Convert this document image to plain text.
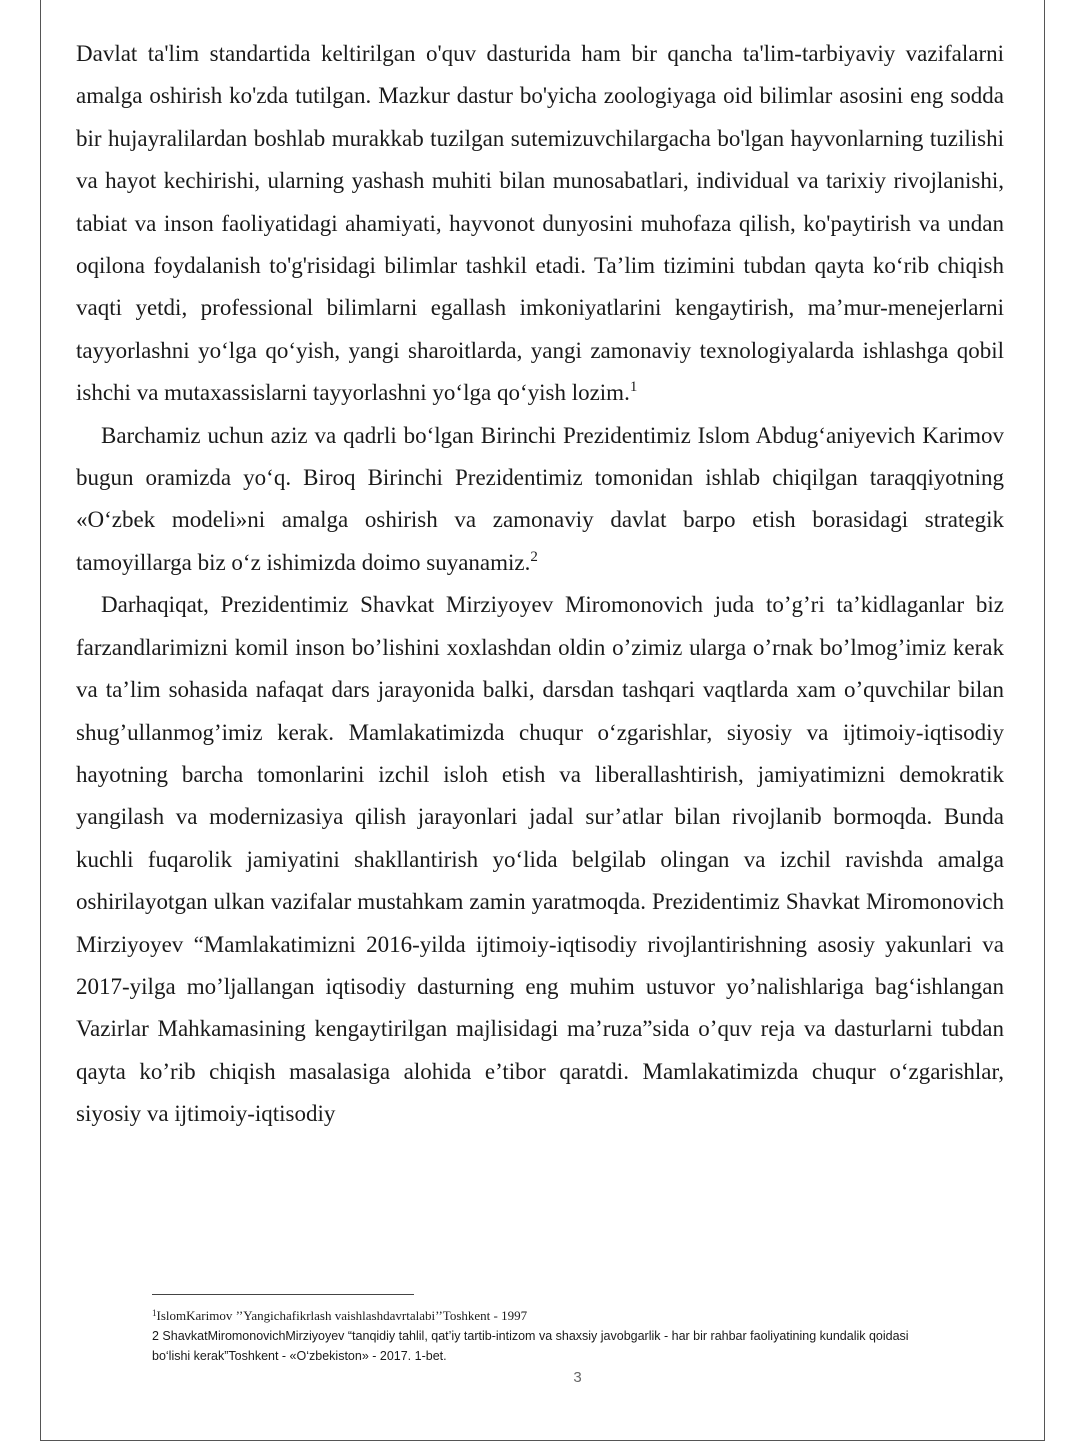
Davlat ta'lim standartida keltirilgan o'quv dasturida ham bir qancha ta'lim-tarbiyaviy vazifalarni amalga oshirish ko'zda tutilgan. Mazkur dastur bo'yicha zoologiyaga oid bilimlar asosini eng sodda bir hujayralilardan boshlab murakkab tuzilgan sutemizuvchilargacha bo'lgan hayvonlarning tuzilishi va hayot kechirishi, ularning yashash muhiti bilan munosabatlari, individual va tarixiy rivojlanishi, tabiat va inson faoliyatidagi ahamiyati, hayvonot dunyosini muhofaza qilish, ko'paytirish va undan oqilona foydalanish to'g'risidagi bilimlar tashkil etadi. Ta’lim tizimini tubdan qayta ko‘rib chiqish vaqti yetdi, professional bilimlarni egallash imkoniyatlarini kengaytirish, ma’mur-menejerlarni tayyorlashni yo‘lga qo‘yish, yangi sharoitlarda, yangi zamonaviy texnologiyalarda ishlashga qobil ishchi va mutaxassislarni tayyorlashni yo‘lga qo‘yish lozim.$^1$

Barchamiz uchun aziz va qadrli bo‘lgan Birinchi Prezidentimiz Islom Abdug‘aniyevich Karimov bugun oramizda yo‘q. Biroq Birinchi Prezidentimiz tomonidan ishlab chiqilgan taraqqiyotning «O‘zbek modeli»ni amalga oshirish va zamonaviy davlat barpo etish borasidagi strategik tamoyillarga biz o‘z ishimizda doimo suyanamiz.$^2$

Darhaqiqat, Prezidentimiz Shavkat Mirziyoyev Miromonovich juda to’g’ri ta’kidlaganlar biz farzandlarimizni komil inson bo’lishini xoxlashdan oldin o’zimiz ularga o’rnak bo’lmog’imiz kerak va ta’lim sohasida nafaqat dars jarayonida balki, darsdan tashqari vaqtlarda xam o’quvchilar bilan shug’ullanmog’imiz kerak. Mamlakatimizda chuqur o‘zgarishlar, siyosiy va ijtimoiy-iqtisodiy hayotning barcha tomonlarini izchil isloh etish va liberallashtirish, jamiyatimizni demokratik yangilash va modernizasiya qilish jarayonlari jadal sur’atlar bilan rivojlanib bormoqda. Bunda kuchli fuqarolik jamiyatini shakllantirish yo‘lida belgilab olingan va izchil ravishda amalga oshirilayotgan ulkan vazifalar mustahkam zamin yaratmoqda. Prezidentimiz Shavkat Miromonovich Mirziyoyev “Mamlakatimizni 2016-yilda ijtimoiy-iqtisodiy rivojlantirishning asosiy yakunlari va 2017-yilga mo’ljallangan iqtisodiy dasturning eng muhim ustuvor yo’nalishlariga bag‘ishlangan Vazirlar Mahkamasining kengaytirilgan majlisidagi ma’ruza”sida o’quv reja va dasturlarni tubdan qayta ko’rib chiqish masalasiga alohida e’tibor qaratdi. Mamlakatimizda chuqur o‘zgarishlar, siyosiy va ijtimoiy-iqtisodiy

$^1$IslomKarimov ’’Yangichafikrlash vaishlashdavrtalabi’’Toshkent - 1997

2 ShavkatMiromonovichMirziyoyev “tanqidiy tahlil, qat’iy tartib-intizom va shaxsiy javobgarlik - har bir rahbar faoliyatining kundalik qoidasi

bo‘lishi kerak”Toshkent - «O‘zbekiston» - 2017. 1-bet.

3
